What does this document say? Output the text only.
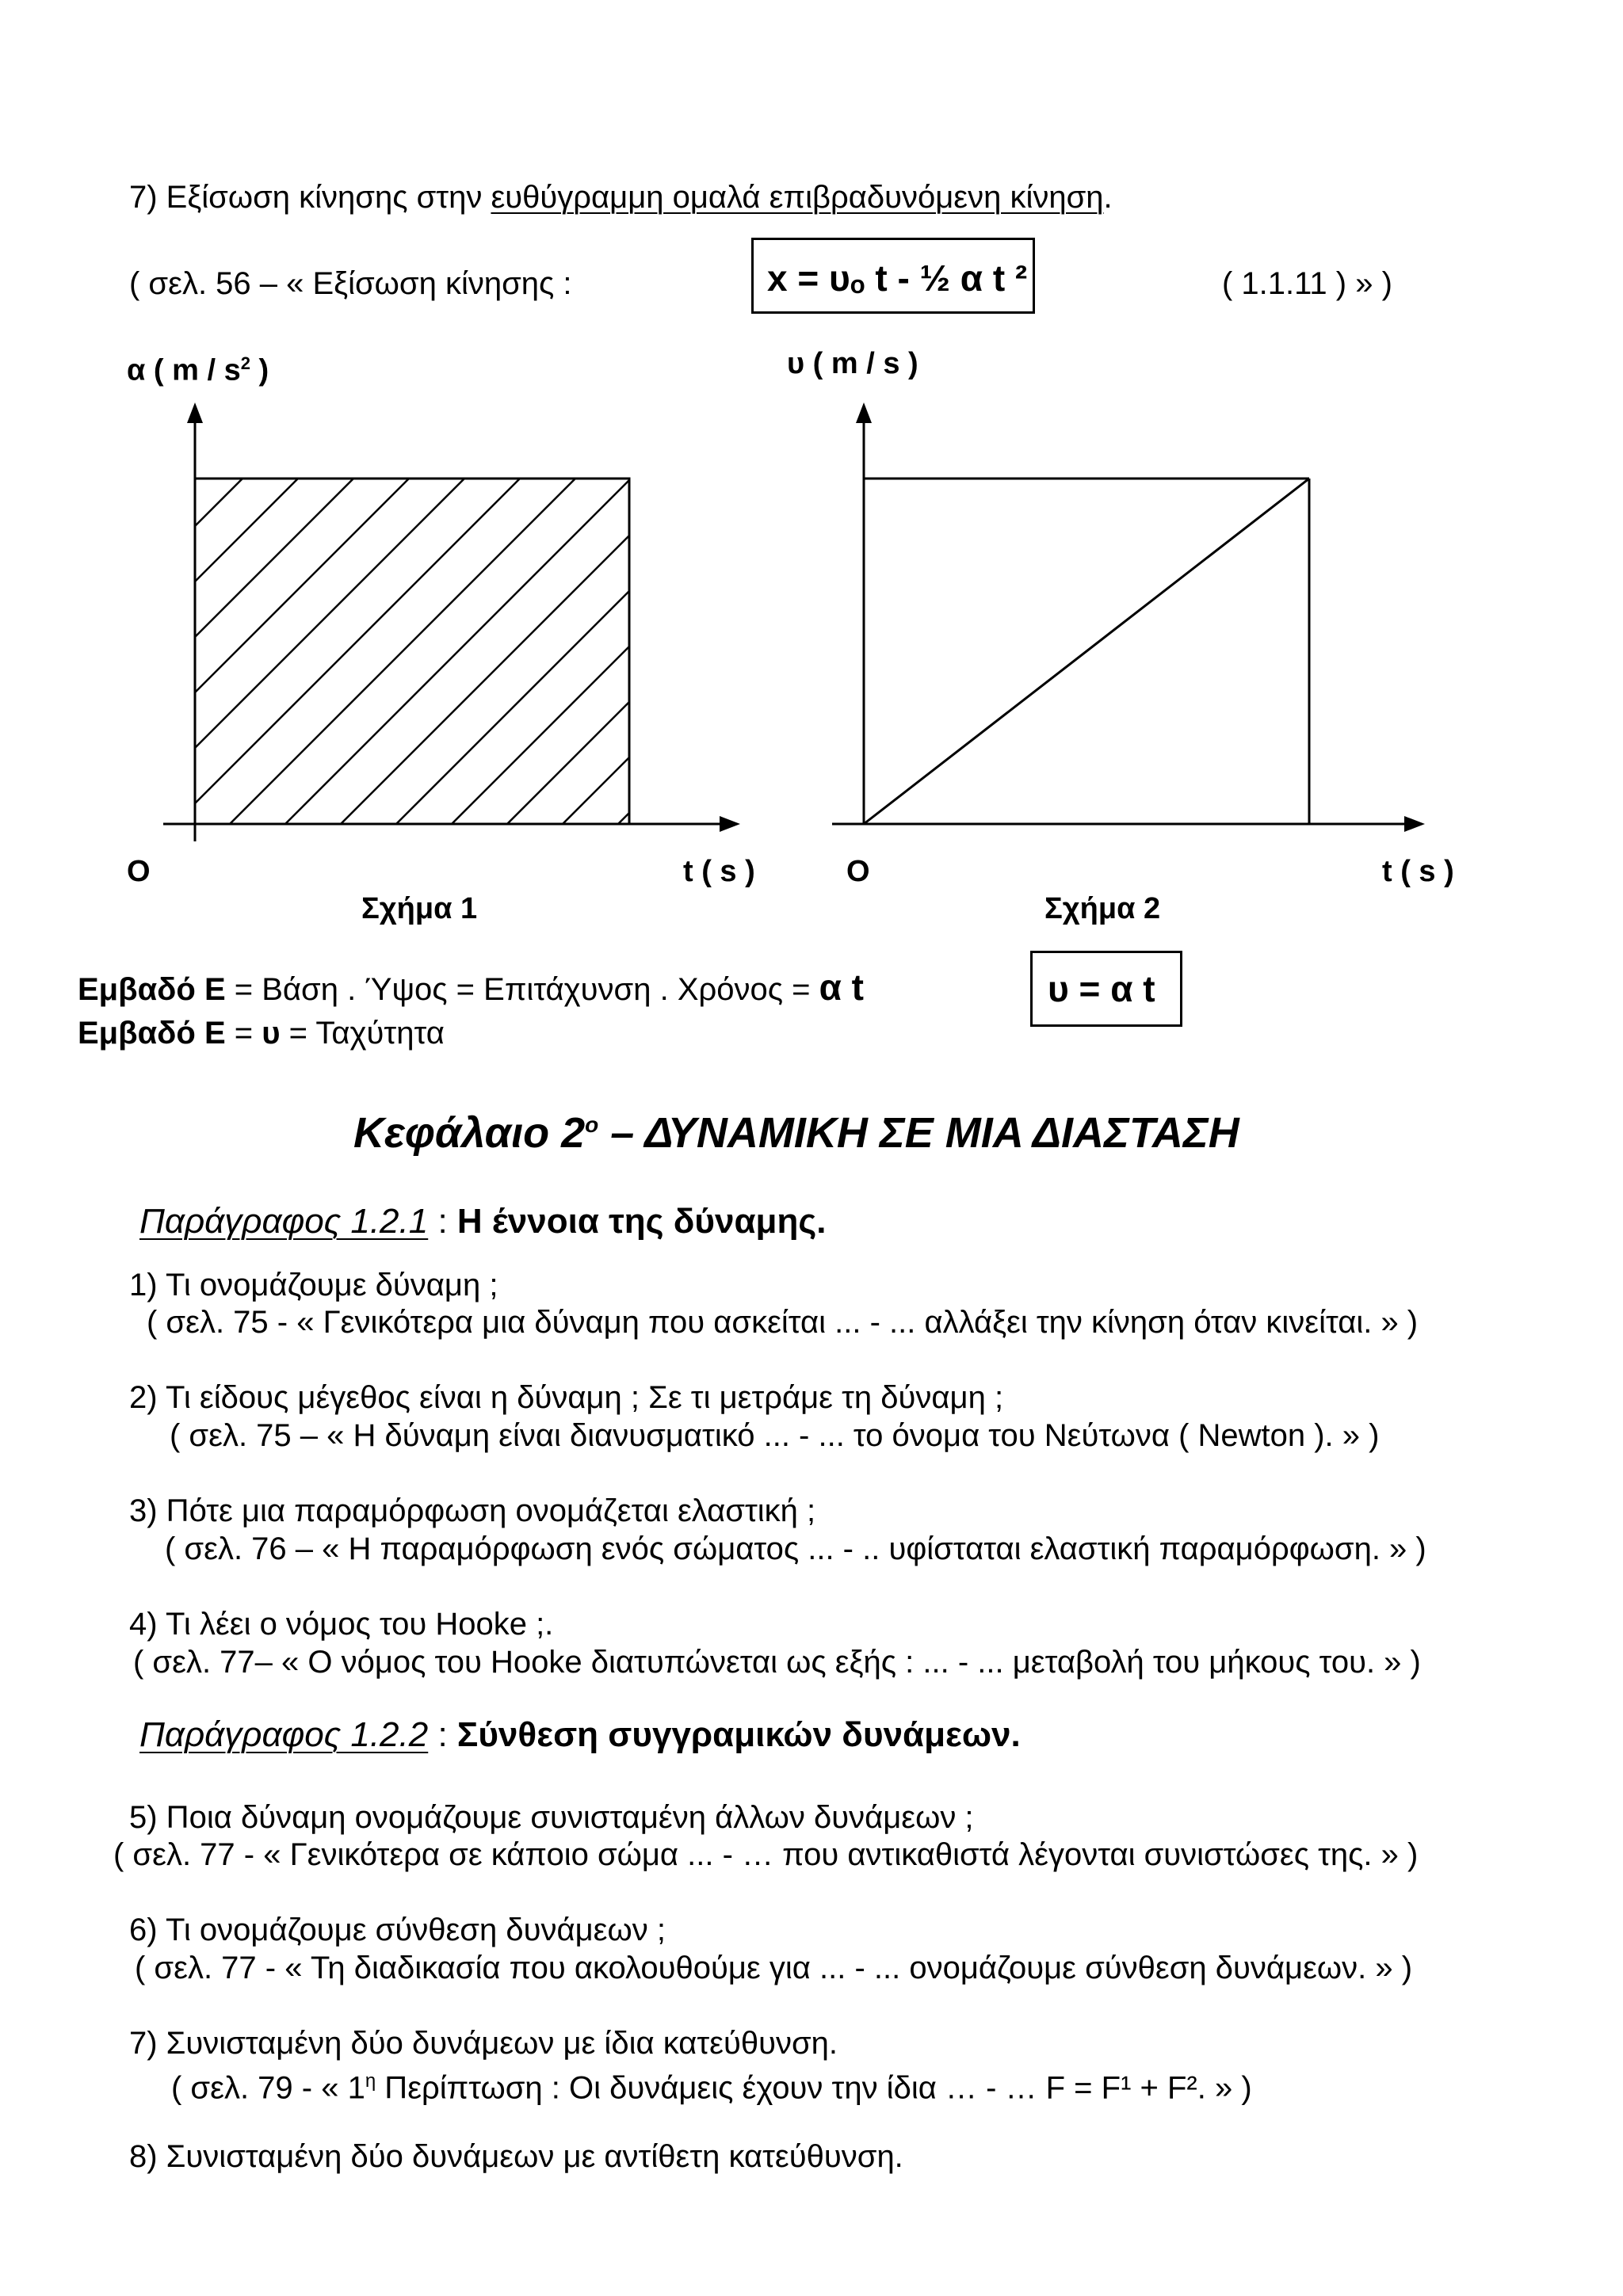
7) Εξίσωση κίνησης στην ευθύγραμμη ομαλά επιβραδυνόμενη κίνηση.
( σελ. 56 – « Εξίσωση κίνησης :	x = υₒ t - ½ α t ²	( 1.1.11 ) » )
α ( m / $s^2$ )	υ ( m / s )
O	t ( s )	O	t ( s )
Σχήμα 1	Σχήμα 2
Εμβαδό Ε = Βάση . Ύψος = Επιτάχυνση . Χρόνος = α t
Εμβαδό Ε = υ = Ταχύτητα
υ = α t
Κεφάλαιο $2^o$ – ΔΥΝΑΜΙΚΗ ΣΕ ΜΙΑ ΔΙΑΣΤΑΣΗ
Παράγραφος 1.2.1 : Η έννοια της δύναμης.
1) Τι ονομάζουμε δύναμη ;
( σελ. 75 - « Γενικότερα μια δύναμη που ασκείται ... - ... αλλάξει την κίνηση όταν κινείται. » )
2) Τι είδους μέγεθος είναι η δύναμη ; Σε τι μετράμε τη δύναμη ;
( σελ. 75 – « Η δύναμη είναι διανυσματικό ... - ... το όνομα του Νεύτωνα ( Newton ). » )
3) Πότε μια παραμόρφωση ονομάζεται ελαστική ;
( σελ. 76 – « Η παραμόρφωση ενός σώματος ... - .. υφίσταται ελαστική παραμόρφωση. » )
4) Τι λέει ο νόμος του Hooke ;.
( σελ. 77– « Ο νόμος του Hooke διατυπώνεται ως εξής : ... - ... μεταβολή του μήκους του. » )
Παράγραφος 1.2.2 : Σύνθεση συγγραμικών δυνάμεων.
5) Ποια δύναμη ονομάζουμε συνισταμένη άλλων δυνάμεων ;
( σελ. 77 - « Γενικότερα σε κάποιο σώμα ... - … που αντικαθιστά λέγονται συνιστώσες της. » )
6) Τι ονομάζουμε σύνθεση δυνάμεων ;
( σελ. 77 - « Τη διαδικασία που ακολουθούμε για ... - ... ονομάζουμε σύνθεση δυνάμεων. » )
7) Συνισταμένη δύο δυνάμεων με ίδια κατεύθυνση.
( σελ. 79 - « $1^\eta$ Περίπτωση : Οι δυνάμεις έχουν την ίδια … - … F = F¹ + F². » )
8) Συνισταμένη δύο δυνάμεων με αντίθετη κατεύθυνση.
